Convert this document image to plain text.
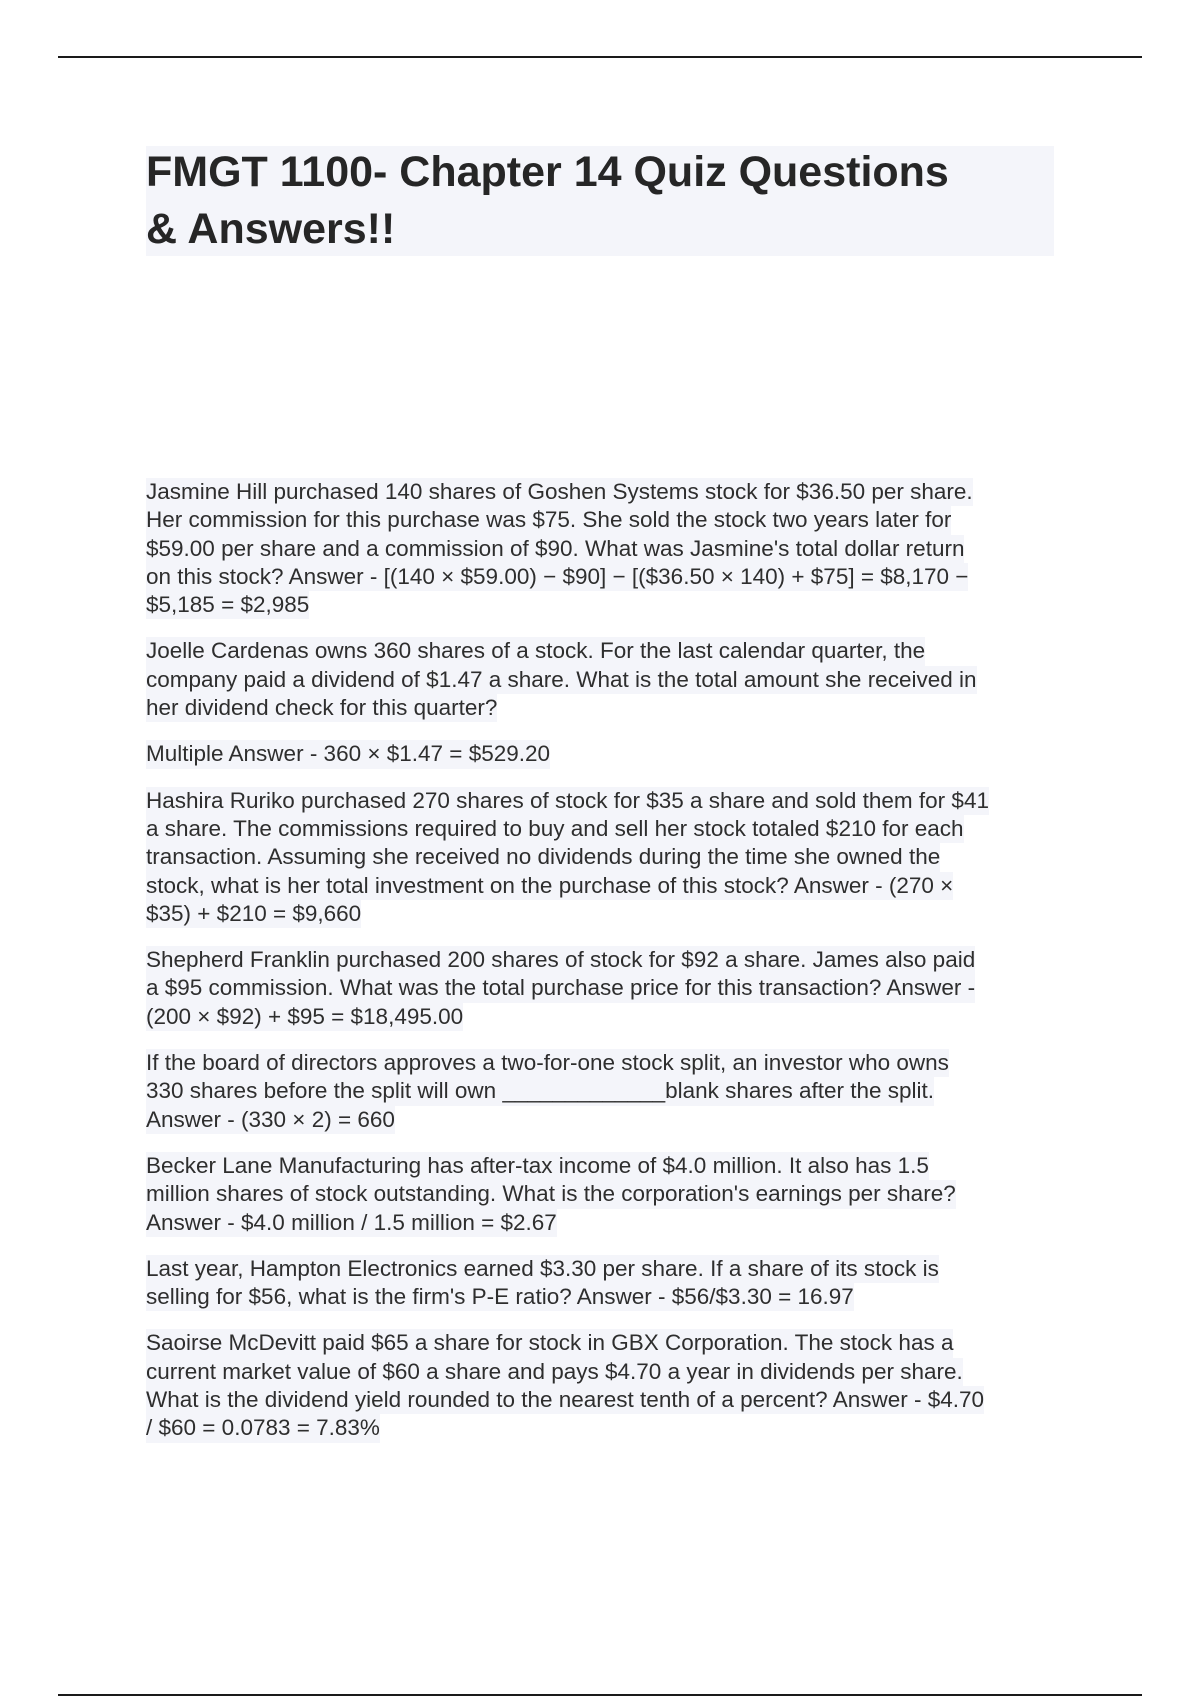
FMGT 1100- Chapter 14 Quiz Questions
& Answers!!

Jasmine Hill purchased 140 shares of Goshen Systems stock for $36.50 per share.
Her commission for this purchase was $75. She sold the stock two years later for
$59.00 per share and a commission of $90. What was Jasmine's total dollar return
on this stock? Answer - [(140 × $59.00) − $90] − [($36.50 × 140) + $75] = $8,170 −
$5,185 = $2,985

Joelle Cardenas owns 360 shares of a stock. For the last calendar quarter, the
company paid a dividend of $1.47 a share. What is the total amount she received in
her dividend check for this quarter?

Multiple Answer - 360 × $1.47 = $529.20

Hashira Ruriko purchased 270 shares of stock for $35 a share and sold them for $41
a share. The commissions required to buy and sell her stock totaled $210 for each
transaction. Assuming she received no dividends during the time she owned the
stock, what is her total investment on the purchase of this stock? Answer - (270 ×
$35) + $210 = $9,660

Shepherd Franklin purchased 200 shares of stock for $92 a share. James also paid
a $95 commission. What was the total purchase price for this transaction? Answer -
(200 × $92) + $95 = $18,495.00

If the board of directors approves a two-for-one stock split, an investor who owns
330 shares before the split will own _____________blank shares after the split.
Answer - (330 × 2) = 660

Becker Lane Manufacturing has after-tax income of $4.0 million. It also has 1.5
million shares of stock outstanding. What is the corporation's earnings per share?
Answer - $4.0 million / 1.5 million = $2.67

Last year, Hampton Electronics earned $3.30 per share. If a share of its stock is
selling for $56, what is the firm's P-E ratio? Answer - $56/$3.30 = 16.97

Saoirse McDevitt paid $65 a share for stock in GBX Corporation. The stock has a
current market value of $60 a share and pays $4.70 a year in dividends per share.
What is the dividend yield rounded to the nearest tenth of a percent? Answer - $4.70
/ $60 = 0.0783 = 7.83%
